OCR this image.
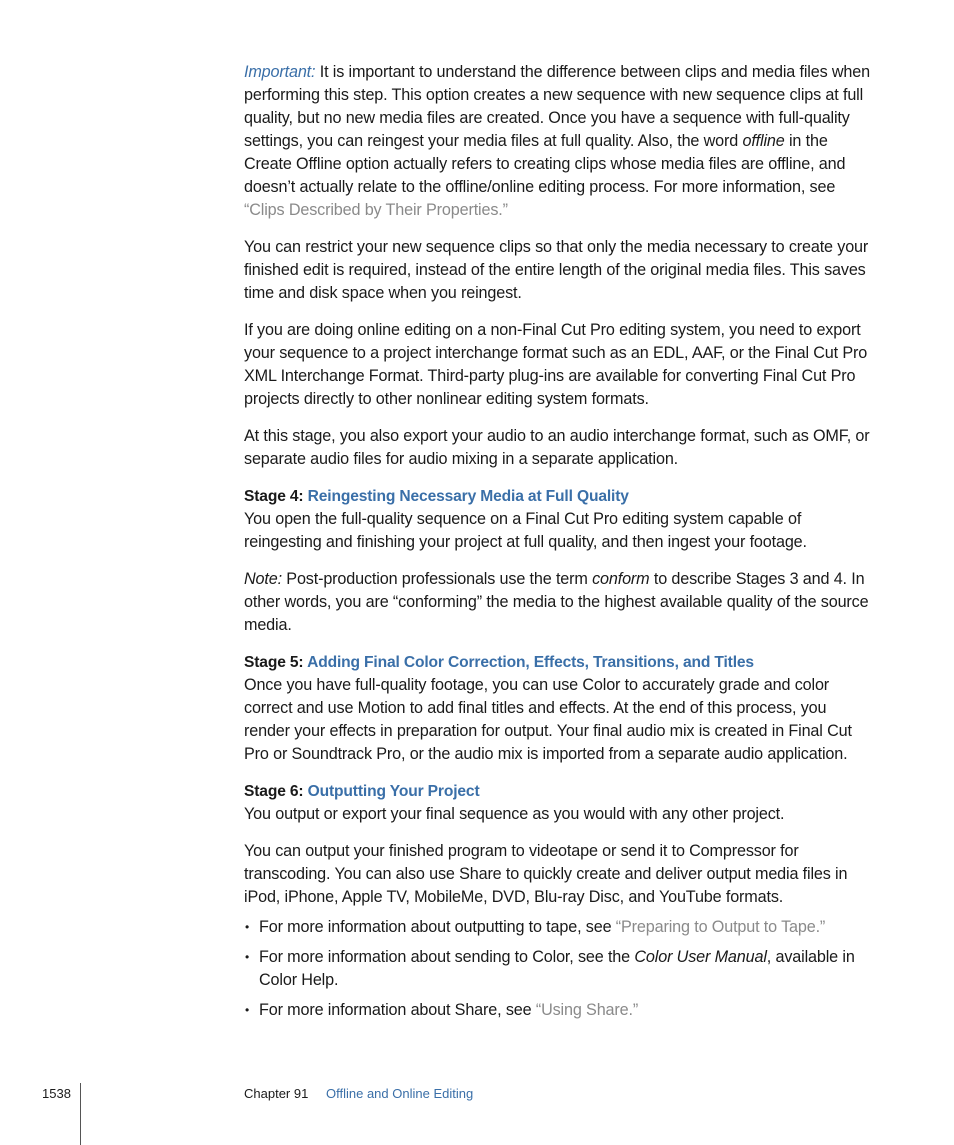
Important: It is important to understand the difference between clips and media files when performing this step. This option creates a new sequence with new sequence clips at full quality, but no new media files are created. Once you have a sequence with full-quality settings, you can reingest your media files at full quality. Also, the word offline in the Create Offline option actually refers to creating clips whose media files are offline, and doesn’t actually relate to the offline/online editing process. For more information, see “Clips Described by Their Properties.”

You can restrict your new sequence clips so that only the media necessary to create your finished edit is required, instead of the entire length of the original media files. This saves time and disk space when you reingest.

If you are doing online editing on a non-Final Cut Pro editing system, you need to export your sequence to a project interchange format such as an EDL, AAF, or the Final Cut Pro XML Interchange Format. Third-party plug-ins are available for converting Final Cut Pro projects directly to other nonlinear editing system formats.

At this stage, you also export your audio to an audio interchange format, such as OMF, or separate audio files for audio mixing in a separate application.

Stage 4: Reingesting Necessary Media at Full Quality

You open the full-quality sequence on a Final Cut Pro editing system capable of reingesting and finishing your project at full quality, and then ingest your footage.

Note: Post-production professionals use the term conform to describe Stages 3 and 4. In other words, you are “conforming” the media to the highest available quality of the source media.

Stage 5: Adding Final Color Correction, Effects, Transitions, and Titles

Once you have full-quality footage, you can use Color to accurately grade and color correct and use Motion to add final titles and effects. At the end of this process, you render your effects in preparation for output. Your final audio mix is created in Final Cut Pro or Soundtrack Pro, or the audio mix is imported from a separate audio application.

Stage 6: Outputting Your Project

You output or export your final sequence as you would with any other project.

You can output your finished program to videotape or send it to Compressor for transcoding. You can also use Share to quickly create and deliver output media files in iPod, iPhone, Apple TV, MobileMe, DVD, Blu-ray Disc, and YouTube formats.

• For more information about outputting to tape, see “Preparing to Output to Tape.”
• For more information about sending to Color, see the Color User Manual, available in Color Help.
• For more information about Share, see “Using Share.”
1538	Chapter 91 Offline and Online Editing
